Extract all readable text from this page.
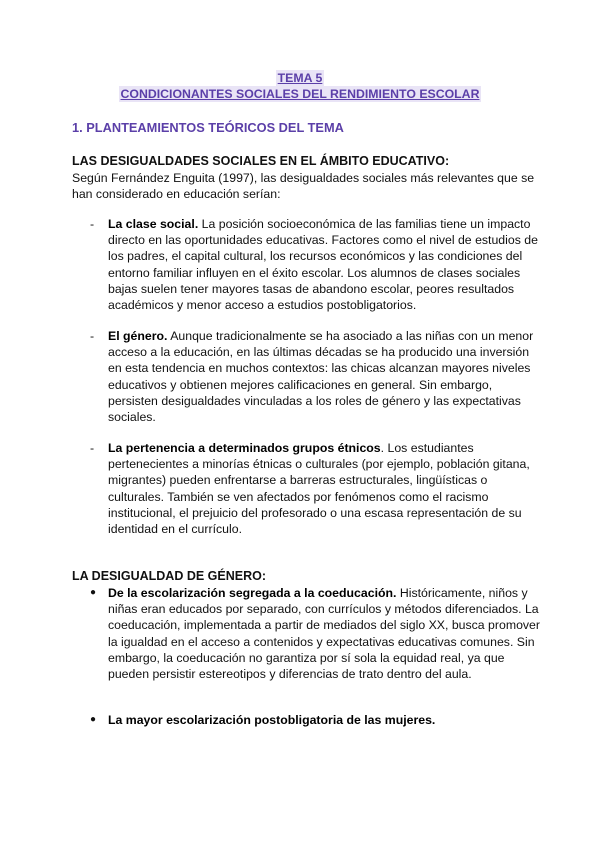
TEMA 5
CONDICIONANTES SOCIALES DEL RENDIMIENTO ESCOLAR
1. PLANTEAMIENTOS TEÓRICOS DEL TEMA
LAS DESIGUALDADES SOCIALES EN EL ÁMBITO EDUCATIVO:
Según Fernández Enguita (1997), las desigualdades sociales más relevantes que se han considerado en educación serían:
- La clase social. La posición socioeconómica de las familias tiene un impacto directo en las oportunidades educativas. Factores como el nivel de estudios de los padres, el capital cultural, los recursos económicos y las condiciones del entorno familiar influyen en el éxito escolar. Los alumnos de clases sociales bajas suelen tener mayores tasas de abandono escolar, peores resultados académicos y menor acceso a estudios postobligatorios.
- El género. Aunque tradicionalmente se ha asociado a las niñas con un menor acceso a la educación, en las últimas décadas se ha producido una inversión en esta tendencia en muchos contextos: las chicas alcanzan mayores niveles educativos y obtienen mejores calificaciones en general. Sin embargo, persisten desigualdades vinculadas a los roles de género y las expectativas sociales.
- La pertenencia a determinados grupos étnicos. Los estudiantes pertenecientes a minorías étnicas o culturales (por ejemplo, población gitana, migrantes) pueden enfrentarse a barreras estructurales, lingüísticas o culturales. También se ven afectados por fenómenos como el racismo institucional, el prejuicio del profesorado o una escasa representación de su identidad en el currículo.
LA DESIGUALDAD DE GÉNERO:
● De la escolarización segregada a la coeducación. Históricamente, niños y niñas eran educados por separado, con currículos y métodos diferenciados. La coeducación, implementada a partir de mediados del siglo XX, busca promover la igualdad en el acceso a contenidos y expectativas educativas comunes. Sin embargo, la coeducación no garantiza por sí sola la equidad real, ya que pueden persistir estereotipos y diferencias de trato dentro del aula.
● La mayor escolarización postobligatoria de las mujeres.
